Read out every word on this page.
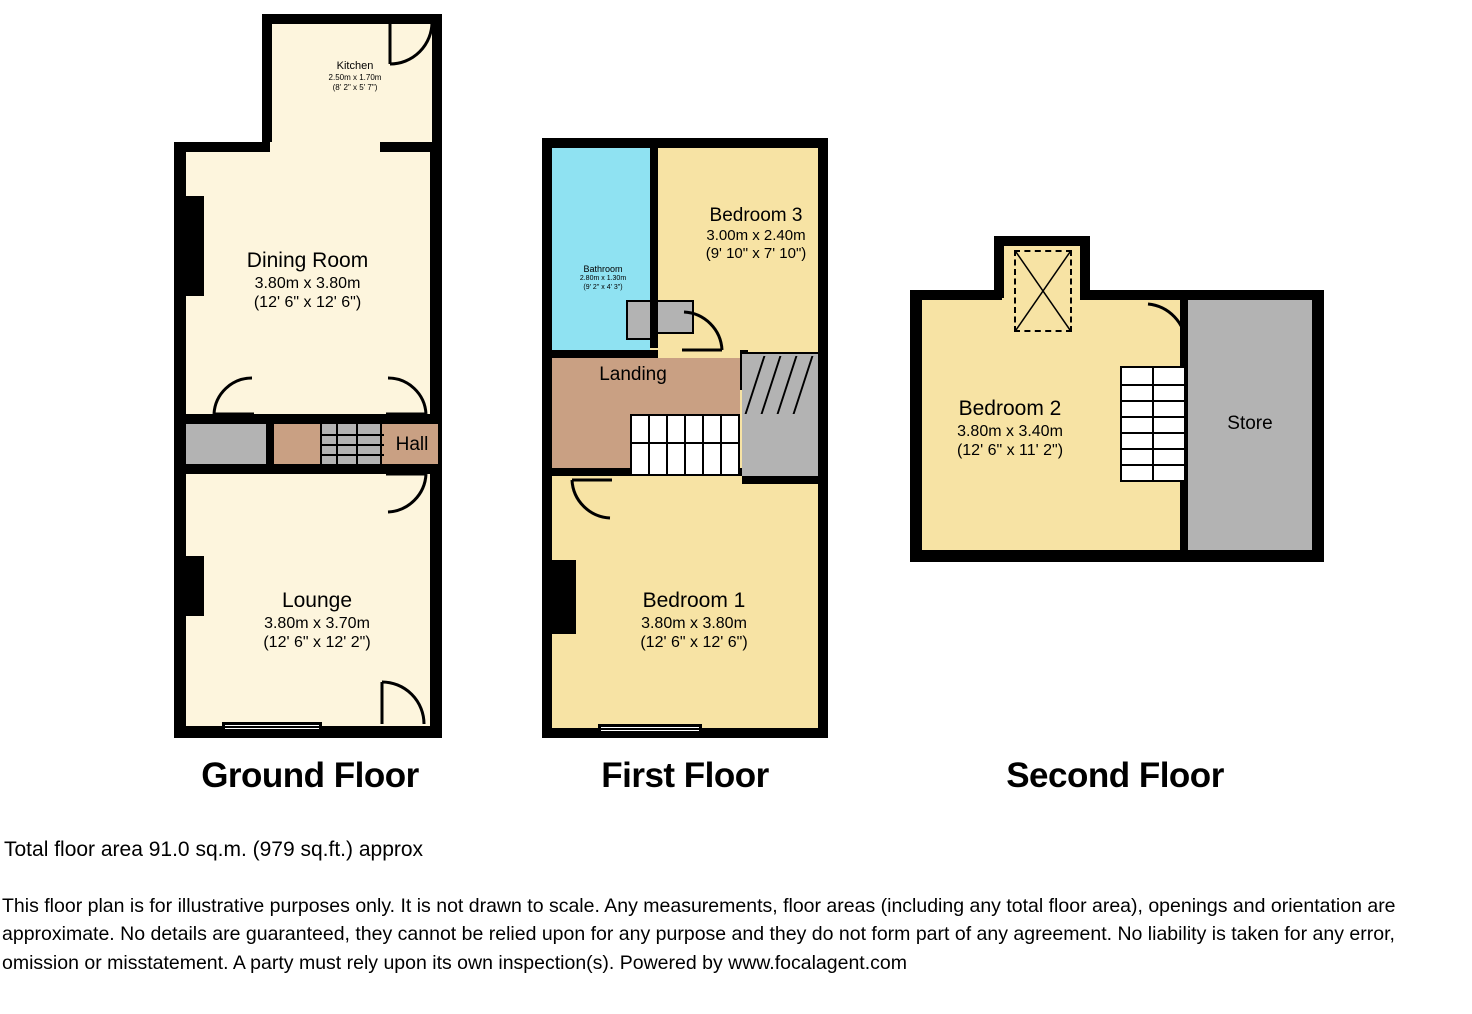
Kitchen
2.50m x 1.70m
(8' 2" x 5' 7")
Dining Room
3.80m x 3.80m
(12' 6" x 12' 6")
Hall
Lounge
3.80m x 3.70m
(12' 6" x 12' 2")
Ground Floor
Bathroom
2.80m x 1.30m
(9' 2" x 4' 3")
Bedroom 3
3.00m x 2.40m
(9' 10" x 7' 10")
Landing
Bedroom 1
3.80m x 3.80m
(12' 6" x 12' 6")
First Floor
Bedroom 2
3.80m x 3.40m
(12' 6" x 11' 2")
Store
Second Floor
Total floor area 91.0 sq.m. (979 sq.ft.) approx
This floor plan is for illustrative purposes only. It is not drawn to scale. Any measurements, floor areas (including any total floor area), openings and orientation are approximate. No details are guaranteed, they cannot be relied upon for any purpose and they do not form part of any agreement. No liability is taken for any error, omission or misstatement. A party must rely upon its own inspection(s). Powered by www.focalagent.com
